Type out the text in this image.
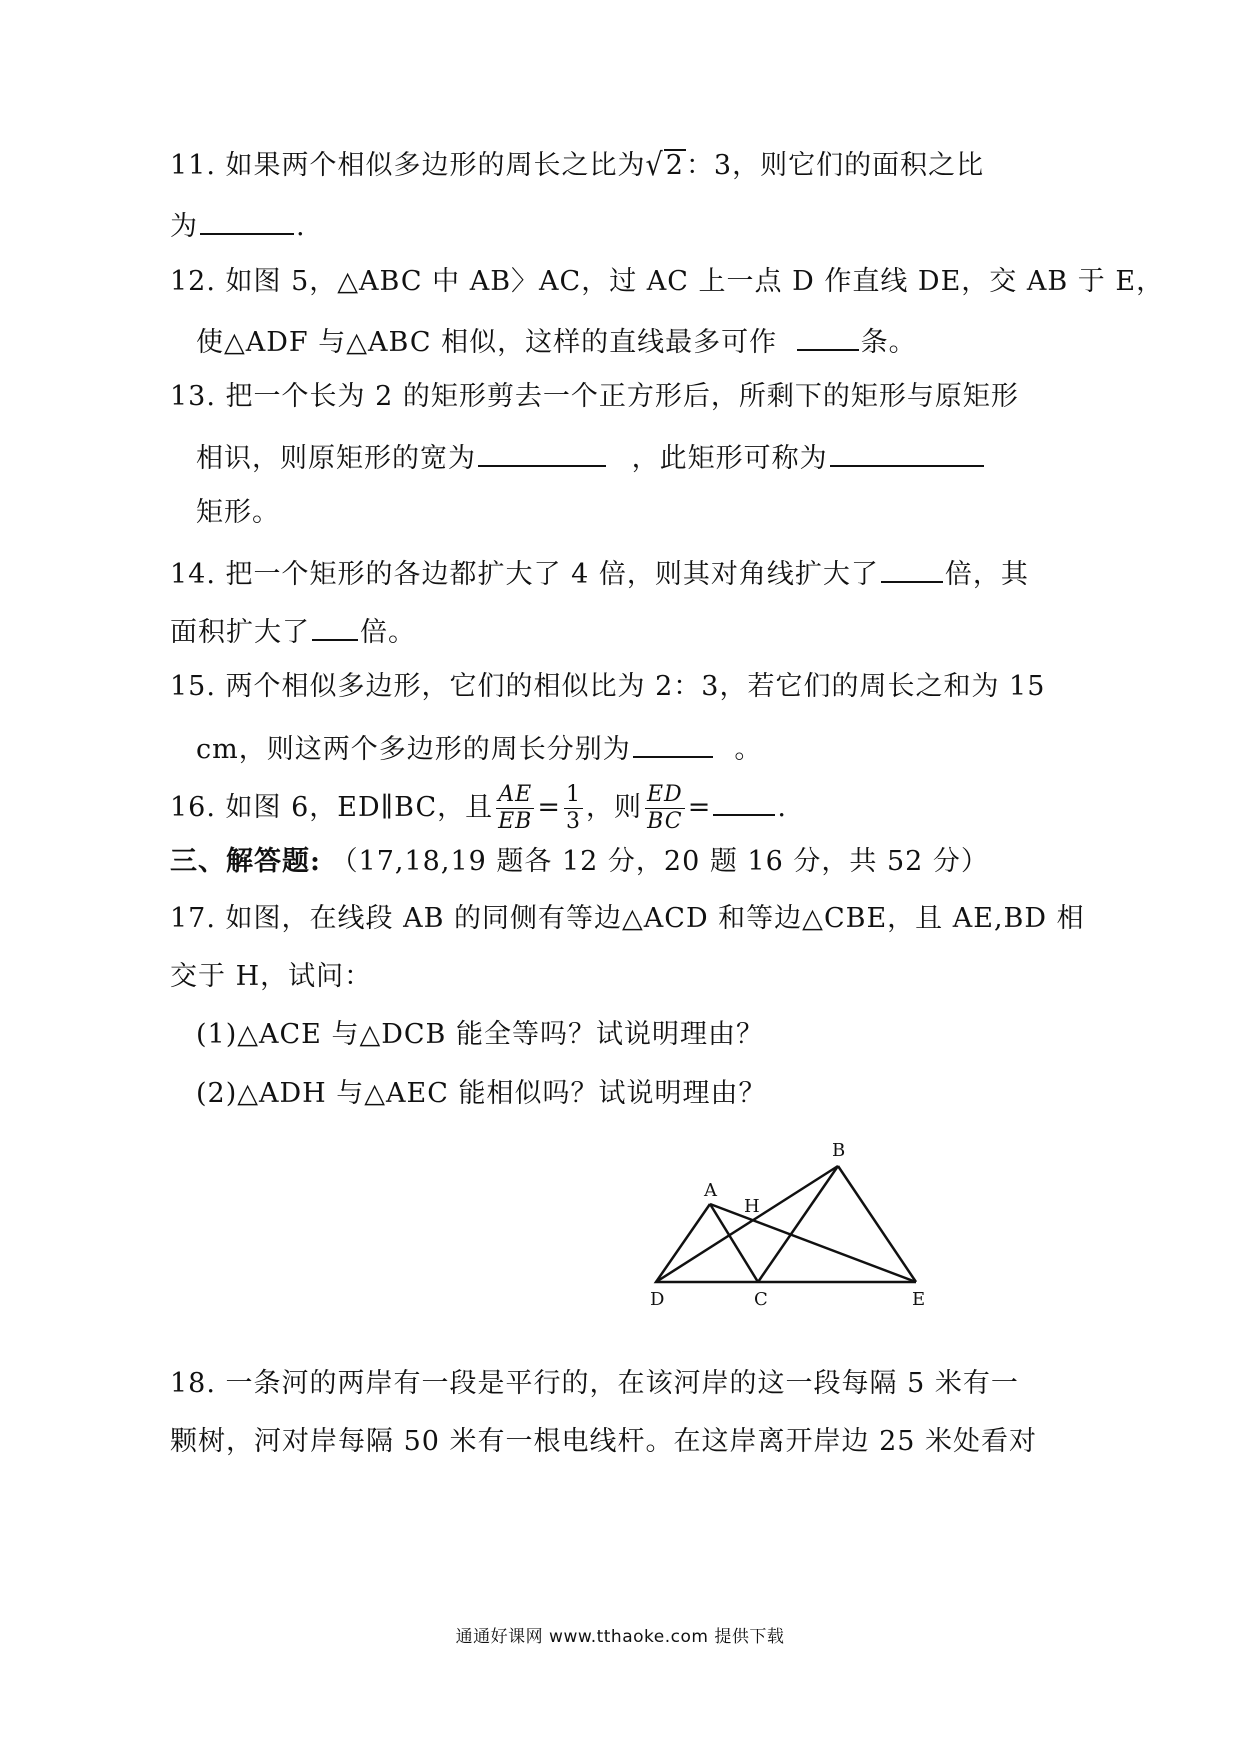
11. 如果两个相似多边形的周长之比为√2：3，则它们的面积之比
为	.
12. 如图 5，△ABC 中 AB〉AC，过 AC 上一点 D 作直线 DE，交 AB 于 E，
使△ADF 与△ABC 相似，这样的直线最多可作	条。
13. 把一个长为 2 的矩形剪去一个正方形后，所剩下的矩形与原矩形
相识，则原矩形的宽为	，此矩形可称为
矩形。
14. 把一个矩形的各边都扩大了 4 倍，则其对角线扩大了 倍，其
面积扩大了 倍。
15. 两个相似多边形，它们的相似比为 2：3，若它们的周长之和为 15
cm，则这两个多边形的周长分别为	。
16. 如图 6，ED∥BC，且 $\frac{AE}{EB} = \frac{1}{3}$ ，则 $\frac{ED}{BC}$ = .
三、解答题: （17,18,19 题各 12 分，20 题 16 分，共 52 分）
17. 如图，在线段 AB 的同侧有等边△ACD 和等边△CBE，且 AE,BD 相
交于 H，试问：
(1)△ACE 与△DCB 能全等吗？试说明理由？
(2)△ADH 与△AEC 能相似吗？试说明理由？
A
B
C
D	E
H
18. 一条河的两岸有一段是平行的，在该河岸的这一段每隔 5 米有一
颗树，河对岸每隔 50 米有一根电线杆。在这岸离开岸边 25 米处看对
通通好课网 www.tthaoke.com 提供下载
